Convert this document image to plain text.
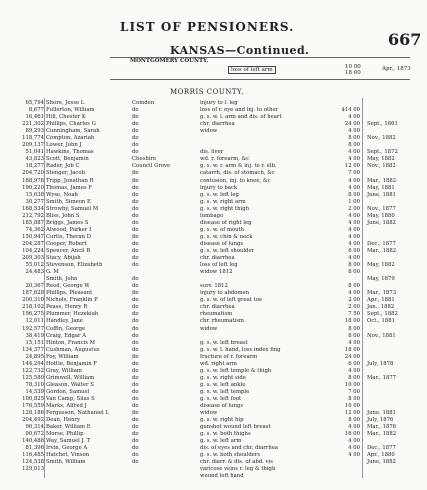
LIST OF PENSIONERS.
667
KANSAS—Continued.
MONTGOMERY COUNTY.
loss of left arm	10 00
18 00
Apr., 1873
MORRIS COUNTY.
65,794
8,677
16,461
221,302
89,293
118,774
209,137
51,041
43,823
18,277
204,720
188,978
190,220
15,638
30,277
168,534
212,792
185,887
74,362
150,947
204,287
104,224
209,303
55,012
24,483
20,367
187,628
200,310
218,102
196,275
12,011
192,577
38,419
15,151
134,377
24,895
144,294
122,732
125,580
78,310
14,539
100,825
176,559
128,186
204,492
96,314
90,672
140,488
81,396
116,485
124,538
129,013
Shore, Jesse L
Fullerton, William
Hill, Chester K
Phillips, Charles G
Cunningham, Sarah
Compton, Azariah
Lower, John J
Hawkins, Thomas
Scott, Benjamin
Rader, Job C
Stenger, Jacob
Tripp, Jonathan R
Thomas, James F
Wyse, Noah
Smith, Simeon E
Strowby, Samuel M
Bliss, John S
Briggs, James S
Atwood, Parker I
Curtis, Theran D
Cooper, Robert
Spencer, Ancil B
Stacy, Abijah
Stevenson, Elizabeth
G. M
Smith, John
Reed, George W
Phillips, Pleasant
Nichols, Franklin P
Pease, Henry R
Plummer, Hezekiah
Handley, Jane
Coffin, George
Craig, Edgar A
Hinton, Francis M
Cushman, Augustus
Foy, William
Hottle, Benjamin F
Gray, William
Grimwell, William
Gleason, Walter S
Gordon, Samuel
Van Camp, Silas S
Marks, Alfred J
Fergusson, Nathaniel L
Dean, Henry
Baker, William E
Morse, Phillip
Way, Samuel J. T
Irvin, George A
Hatchet, Vinson
Smith, William
Comden
do
do
do
do
do
do
do
Cheshire
Council Grove
do
do
do
do
do
do
do
do
do
do
do
do
do
do
do
do
do
do
do
do
do
do
do
do
do
do
do
do
do
do
do
do
do
do
do
do
do
do
do
do
do
injury to l. leg
loss of r. eye and inj. to other
g. s. w. l. arm and dis. of heart
chr. diarrhea
widow
dis. liver
wd. r. forearm, &c
g. s. w. r. arm & inj. to r. elb.
catarrh, dis. of stomach, &c
contusion, inj. to knee, &c
injury to back
g. s. w. left leg
g. s. w. right arm
g. s. w. right thigh
lumbago
disease of right leg
g. s. w. of mouth
g. s. w. chin & neck
disease of lungs
g. s. w. left shoulder
chr. diarrhea
loss of left leg
widow 1812
surv. 1812
injury to abdomen
g. s. w. of left great toe
chr. diarrhea
rheumatism
chr. rheumatism
widow
g. s. w. left breast
g. s. w. l. hand, loss index fing
fracture of r. forearm
wd. right arm
g. s. w. left temple & thigh
g. s. w. right side
g. s. w. left ankle
g. s. w. left temple
g. s. w. left foot
disease of lungs
widow
g. s. w. right hip
gunshot wound left breast
g. s. w. both thighs
g. s. w. left arm
dis. of eyes and chr. diarrhea
g. s. w. both shoulders
chr. diarr. & dis. of abd. vis
varicose veins r. leg & thigh
wound left hand
$14 00
4 00
24 00
4 00
8 00
8 00
4 00
4 00
12 00
7 00
4 00
4 00
8 00
1 00
2 00
4 00
4 00
4 00
4 00
4 00
6 00
4 00
8 00
8 00
8 00
4 00
2 00
2 00
7 50
18 00
8 00
8 00
4 00
18 00
24 00
6 00
4 00
8 00
10 00
7 00
8 00
10 00
12 00
8 00
4 00
16 00
4 00
4 00
4 00
Sept., 1861
Nov., 1882
Sept., 1872
May, 1882
Nov., 1882
Mar., 1882
May, 1881
June, 1881
Nov., 1877
May, 1880
June, 1882
Dec., 1877
Mar., 1882
May, 1882
May, 1879
Mar., 1873
Apr., 1881
Jan., 1882
Sept., 1882
Oct., 1881
Nov., 1881
July, 1878
Mar., 1877
June, 1881
July, 1876
Mar., 1876
Mar., 1882
Dec., 1877
Apr., 1880
June, 1882
